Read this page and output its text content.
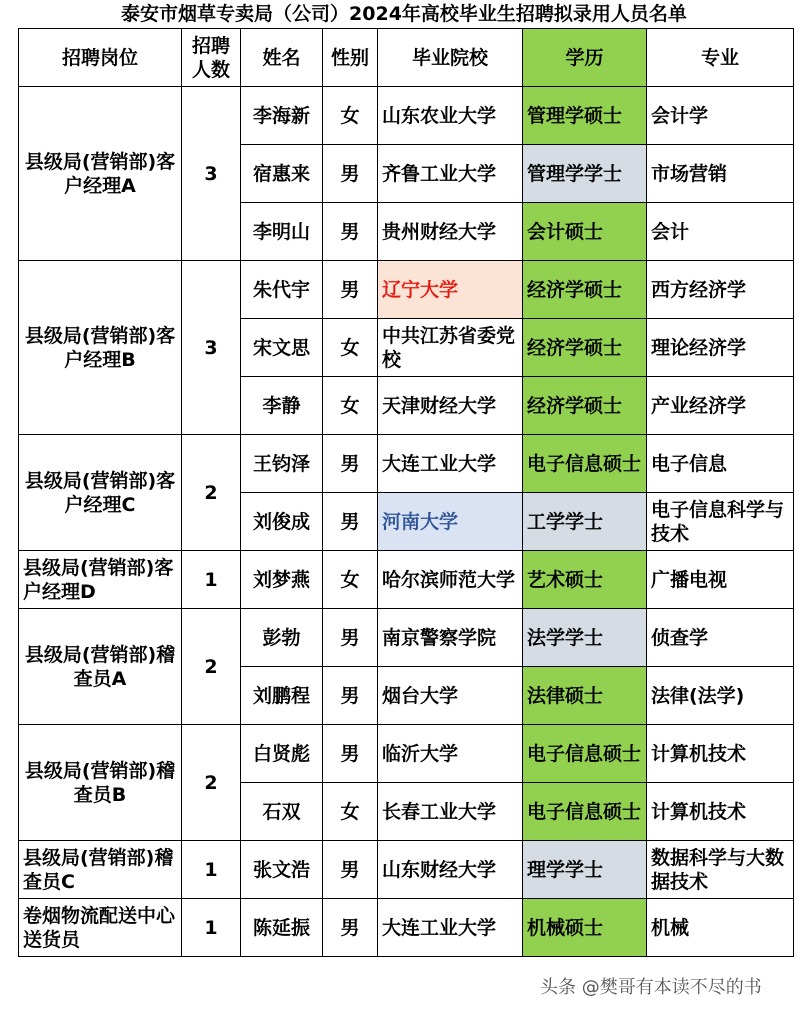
泰安市烟草专卖局（公司）2024年高校毕业生招聘拟录用人员名单
招聘岗位	招聘人数	姓名	性别	毕业院校	学历	专业
县级局(营销部)客户经理A	3	李海新	女	山东农业大学	管理学硕士	会计学
		宿惠来	男	齐鲁工业大学	管理学学士	市场营销
		李明山	男	贵州财经大学	会计硕士	会计
县级局(营销部)客户经理B	3	朱代宇	男	辽宁大学	经济学硕士	西方经济学
		宋文思	女	中共江苏省委党校	经济学硕士	理论经济学
		李静	女	天津财经大学	经济学硕士	产业经济学
县级局(营销部)客户经理C	2	王钧泽	男	大连工业大学	电子信息硕士	电子信息
		刘俊成	男	河南大学	工学学士	电子信息科学与技术
县级局(营销部)客户经理D	1	刘梦燕	女	哈尔滨师范大学	艺术硕士	广播电视
县级局(营销部)稽查员A	2	彭勃	男	南京警察学院	法学学士	侦查学
		刘鹏程	男	烟台大学	法律硕士	法律(法学)
县级局(营销部)稽查员B	2	白贤彪	男	临沂大学	电子信息硕士	计算机技术
		石双	女	长春工业大学	电子信息硕士	计算机技术
县级局(营销部)稽查员C	1	张文浩	男	山东财经大学	理学学士	数据科学与大数据技术
卷烟物流配送中心送货员	1	陈延振	男	大连工业大学	机械硕士	机械
头条 @樊哥有本读不尽的书
